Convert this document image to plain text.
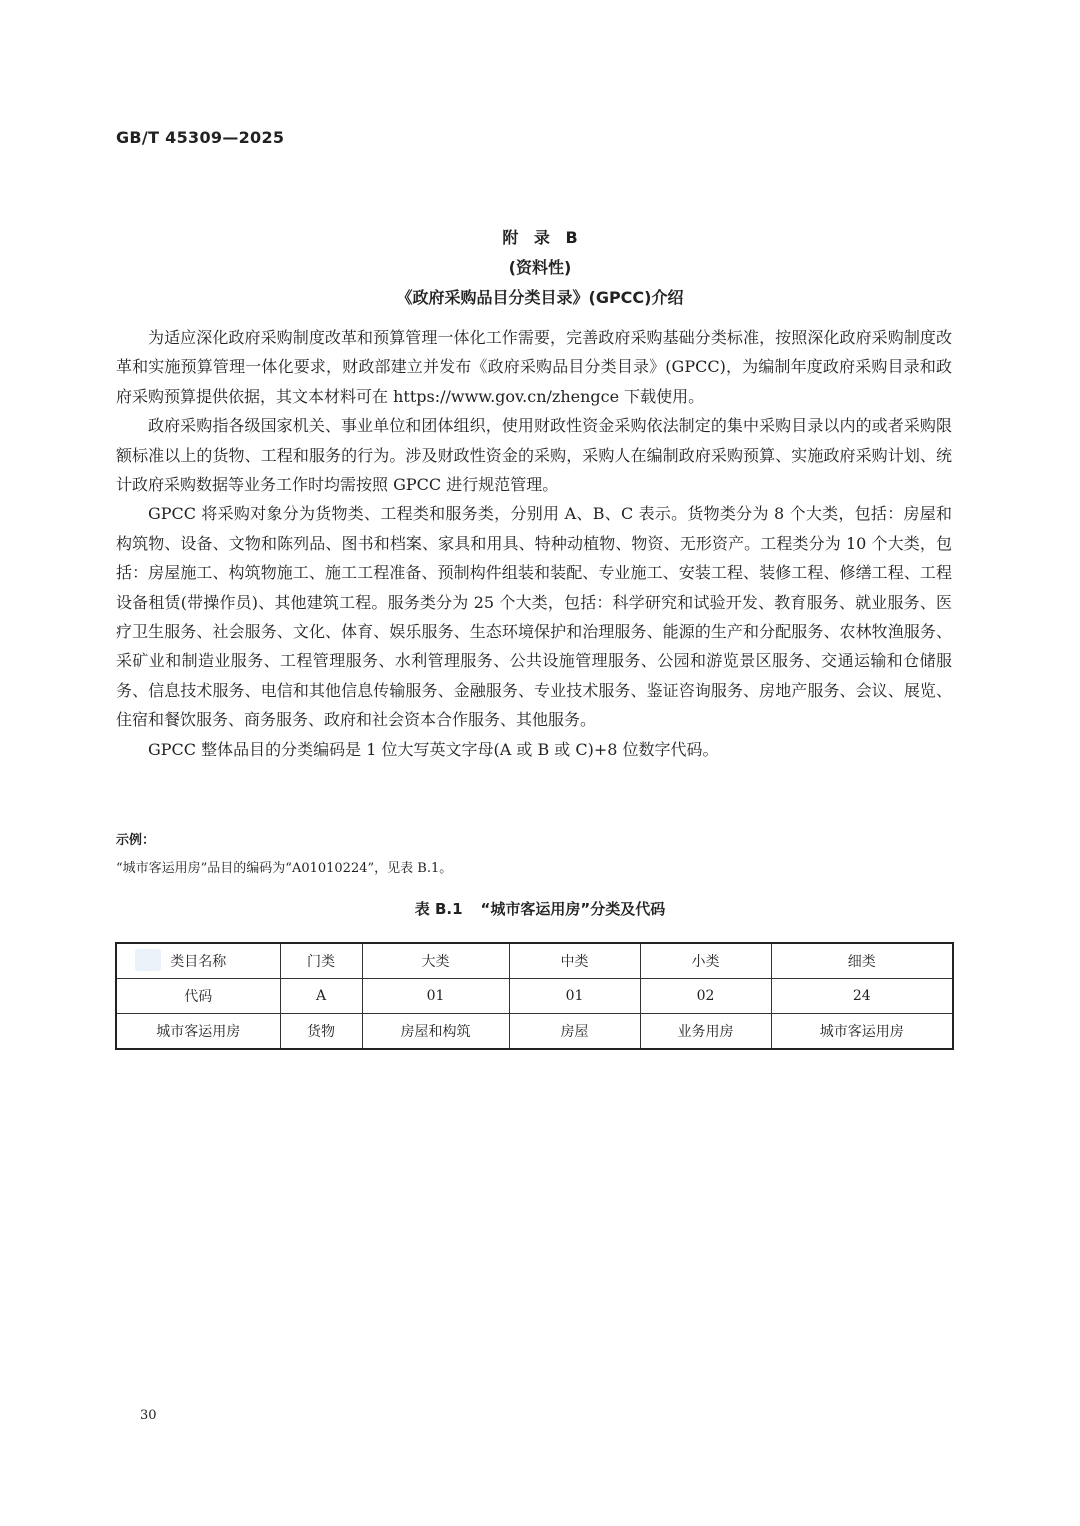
GB/T 45309—2025
附 录 B
(资料性)
《政府采购品目分类目录》(GPCC)介绍

为适应深化政府采购制度改革和预算管理一体化工作需要，完善政府采购基础分类标准，按照深化政府采购制度改革和实施预算管理一体化要求，财政部建立并发布《政府采购品目分类目录》(GPCC)，为编制年度政府采购目录和政府采购预算提供依据，其文本材料可在 https://www.gov.cn/zhengce 下载使用。

政府采购指各级国家机关、事业单位和团体组织，使用财政性资金采购依法制定的集中采购目录以内的或者采购限额标准以上的货物、工程和服务的行为。涉及财政性资金的采购，采购人在编制政府采购预算、实施政府采购计划、统计政府采购数据等业务工作时均需按照 GPCC 进行规范管理。

GPCC 将采购对象分为货物类、工程类和服务类，分别用 A、B、C 表示。货物类分为 8 个大类，包括：房屋和构筑物、设备、文物和陈列品、图书和档案、家具和用具、特种动植物、物资、无形资产。工程类分为 10 个大类，包括：房屋施工、构筑物施工、施工工程准备、预制构件组装和装配、专业施工、安装工程、装修工程、修缮工程、工程设备租赁(带操作员)、其他建筑工程。服务类分为 25 个大类，包括：科学研究和试验开发、教育服务、就业服务、医疗卫生服务、社会服务、文化、体育、娱乐服务、生态环境保护和治理服务、能源的生产和分配服务、农林牧渔服务、采矿业和制造业服务、工程管理服务、水利管理服务、公共设施管理服务、公园和游览景区服务、交通运输和仓储服务、信息技术服务、电信和其他信息传输服务、金融服务、专业技术服务、鉴证咨询服务、房地产服务、会议、展览、住宿和餐饮服务、商务服务、政府和社会资本合作服务、其他服务。

GPCC 整体品目的分类编码是 1 位大写英文字母(A 或 B 或 C)+8 位数字代码。

示例：
“城市客运用房”品目的编码为“A01010224”，见表 B.1。
表 B.1 “城市客运用房”分类及代码
类目名称	门类	大类	中类	小类	细类
代码	A	01	01	02	24
城市客运用房	货物	房屋和构筑	房屋	业务用房	城市客运用房
30
